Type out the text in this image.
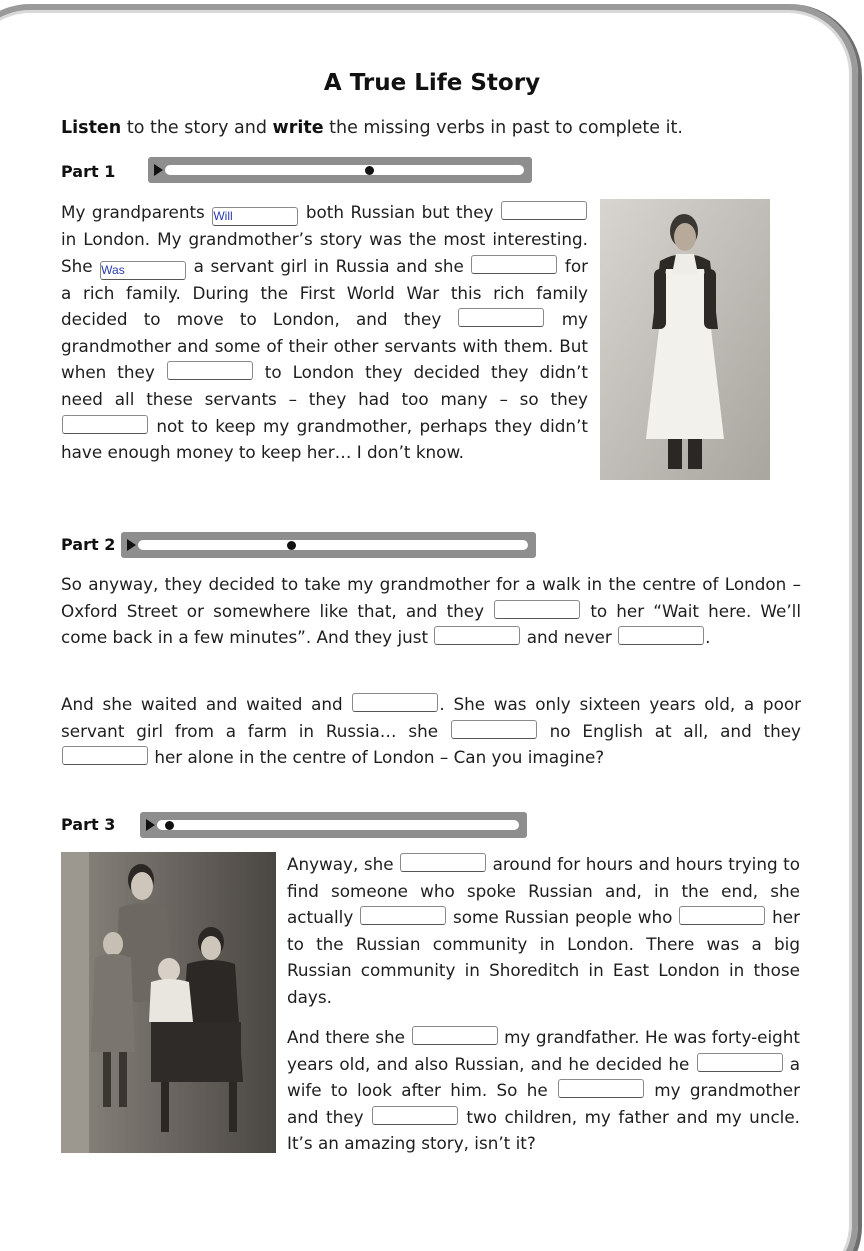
A True Life Story
Listen to the story and write the missing verbs in past to complete it.
Part 1
My grandparents Will	both Russian but they  in London. My grandmother’s story was the most interesting. She Was	a servant girl in Russia and she	for a rich family. During the First World War this rich family decided to move to London, and they	my grandmother and some of their other servants with them. But when they	to London they decided they didn’t need all these servants – they had too many – so they  not to keep my grandmother, perhaps they didn’t have enough money to keep her… I don’t know.
Part 2
So anyway, they decided to take my grandmother for a walk in the centre of London – Oxford Street or somewhere like that, and they	to her “Wait here. We’ll come back in a few minutes”. And they just	and never	.
And she waited and waited and	. She was only sixteen years old, a poor servant girl from a farm in Russia… she	no English at all, and they  her alone in the centre of London – Can you imagine?
Part 3
Anyway, she	around for hours and hours trying to find someone who spoke Russian and, in the end, she actually	some Russian people who	her to the Russian community in London. There was a big Russian community in Shoreditch in East London in those days.
And there she	my grandfather. He was forty-eight years old, and also Russian, and he decided he	a wife to look after him. So he	my grandmother and they	two children, my father and my uncle. It’s an amazing story, isn’t it?
